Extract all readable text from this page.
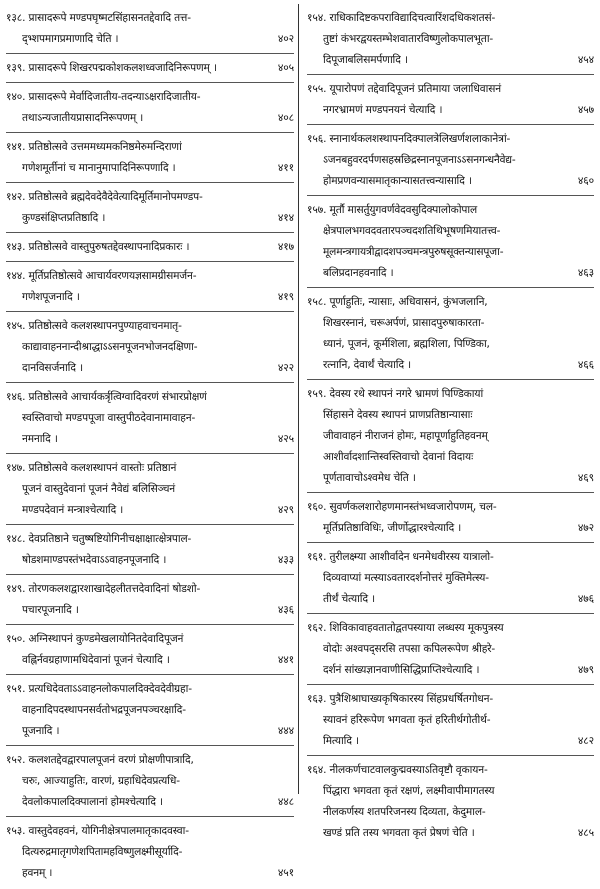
१३८. प्रासादरूपे मण्डपघृष्मटसिंहासनतद्देवादि तत्त-
द्भ्शपमागप्रमाणादि चेति ।	४०२
१३९. प्रासादरूपे शिखरपद्मकोशकलशध्वजादिनिरूपणम् ।	४०५
१४०. प्रासादरूपे मेर्वादिजातीय-तदन्याऽक्षरादिजातीय-
तथाऽन्यजातीयप्रासादनिरूपणम् ।	४०८
१४१. प्रतिष्ठोत्सवे उत्तममध्यमकनिष्ठमेरुमन्दिराणां
गणेशमूर्तीनां च मानानुमापादिनिरूपणादि ।	४११
१४२. प्रतिष्ठोत्सवे ब्रह्मदेवदेवैदेवेत्यादिमूर्तिमानोपमण्डप-
कुण्डसंक्षिप्तप्रतिष्ठादि ।	४१४
१४३. प्रतिष्ठोत्सवे वास्तुपुरुषतद्देवस्थापनादिप्रकारः ।	४१७
१४४. मूर्तिप्रतिष्ठोत्सवे आचार्यवरणयज्ञसामग्रीसमर्जन-
गणेशपूजनादि ।	४१९
१४५. प्रतिष्ठोत्सवे कलशस्थापनपुण्याहवाचनमातृ-
काद्यावाहननान्दीश्राद्धाऽऽसनपूजनभोजनदक्षिणा-
दानविसर्जनादि ।	४२२
१४६. प्रतिष्ठोत्सवे आचार्यकर्त्रृत्विग्वादिवरणं संभारप्रोक्षणं
स्वस्तिवाचो मण्डपपूजा वास्तुपीठदेवानामावाहन-
नमनादि ।	४२५
१४७. प्रतिष्ठोत्सवे कलशस्थापनं वास्तोः प्रतिष्ठानं
पूजनं वास्तुदेवानां पूजनं नैवेद्यं बलिसिञ्चनं
मण्डपदेवानं मन्त्राश्चेत्यादि ।	४२९
१४८. देवप्रतिष्ठाने चतुष्षष्टियोगिनीचक्षाक्षात्क्षेत्रपाल-
षोडशमाण्डपस्तंभदेवाऽऽवाहनपूजनादि ।	४३३
१४९. तोरणकलशद्वारशाखादेहलीतत्तदेवादिनां षोडशो-
पचारपूजनादि ।	४३६
१५०. अग्निस्थापनं कुण्डमेखलायोनितदेवादिपूजनं
वह्निर्नवग्रहाणामधिदेवानां पूजनं चेत्यादि ।	४४१
१५१. प्रत्यधिदेवताऽऽवाहनलोकपालदिक्देवदेवीग्रहा-
वाहनादिपदस्थापनसर्वतोभद्रपूजनपञ्चरक्षादि-
पूजनादि ।	४४४
१५२. कलशतद्देवद्वारपालपूजनं वरणं प्रोक्षणीपात्रादि,
चरुः, आज्याहुतिः, वारणं, ग्रहाधिदेवप्रत्यधि-
देवलोकपालदिक्पालानां होमश्चेत्यादि ।	४४८
१५३. वास्तुदेवहवनं, योगिनीक्षेत्रपालमातृकादवस्वा-
दित्यरुद्रमातृगणेशपितामहविष्णुलक्ष्मीसूर्यादि-
हवनम् ।	४५१
१५४. राधिकादिष्टकपराविद्यादिचत्वारिंशदधिकशतसं-
तुष्टां कंभरद्वयस्तम्भेशवातारविष्णुलोकपालभूता-
दिपूजाबलिसमर्पणादि ।	४५४
१५५. यूपारोपणं तद्देवादिपूजनं प्रतिमाया जलाधिवासनं
नगरभ्रामणं मण्डपनयनं चेत्यादि ।	४५७
१५६. स्नानार्थकलशस्थापनदिक्पालत्रेलिखर्णशलाकानेत्रां-
ऽजनबहुवरदर्पणसहस्रछिद्रस्नानपूजनाऽऽसनगन्धनैवेद्य-
होमप्रणवन्यासमातृकान्यासतत्त्वन्यासादि ।	४६०
१५७. मूर्तौ मासर्तुयुगवर्णवेदवसुदिक्पालोकोपाल
क्षेत्रपालभगवदवतारपञ्चदशतिथिभूषणमियातत्त्व-
मूलमन्त्रगायत्रीद्वादशपञ्चमन्त्रपुरुषसूक्तन्यासपूजा-
बलिप्रदानहवनादि ।	४६३
१५८. पूर्णाहुतिः, न्यासाः, अधिवासनं, कुंभजलानि,
शिखरस्नानं, चरूअर्पणं, प्रासादपुरुषाकारता-
ध्यानं, पूजनं, कूर्मशिला, ब्रह्मशिला, पिण्डिका,
रत्नानि, देवार्थं चेत्यादि ।	४६६
१५९. देवस्य रथे स्थापनं नगरे भ्रामणं पिण्डिकायां
सिंहासने देवस्य स्थापनं प्राणप्रतिष्ठान्यासाः
जीवावाहनं नीराजनं होमः, महापूर्णाहुतिहवनम्
आशीर्वादशान्तिस्वस्तिवाचो देवानां विदायः
पूर्णतावाचोऽश्वमेध चेति ।	४६९
१६०. सुवर्णकलशारोहणमानस्तंभध्वजारोपणम्, चल-
मूर्तिप्रतिष्ठाविधिः, जीर्णोद्धारश्चेत्यादि ।	४७२
१६१. तुरीलक्ष्म्या आशीर्वादेन धनमेधवीरस्य यात्रालो-
दिव्यवाप्यां मत्स्याऽवतारदर्शनोत्तरं मुक्तिमेत्स्य-
तीर्थं चेत्यादि ।	४७६
१६२. शिविकावाहवतातोद्वतपस्याया लब्धस्य मूकपुत्रस्य
वोदोः अश्वपद्सरसि तपसा कपिलरूपेण श्रीहरे-
दर्शनं सांख्यज्ञानवाणीसिद्धिप्राप्तिश्चेत्यादि ।	४७९
१६३. पुत्रैशिश्राघाख्यकृषिकारस्य सिंहप्रधर्षितगोधन-
स्यावनं हरिरूपेण भगवता कृतं हरितीर्थगोतीर्थ-
मित्यादि ।	४८२
१६४. नीलकर्णचाटवालकुद्मवस्याऽतिवृष्टौ वृकायन-
पिंद्धारा भगवता कृतं रक्षणं, लक्ष्मीवापीमागतस्य
नीलकर्णस्य शतपरिजनस्य दिव्यता, केदुमाल-
खण्डं प्रति तस्य भगवता कृतं प्रेषणं चेति ।	४८५
